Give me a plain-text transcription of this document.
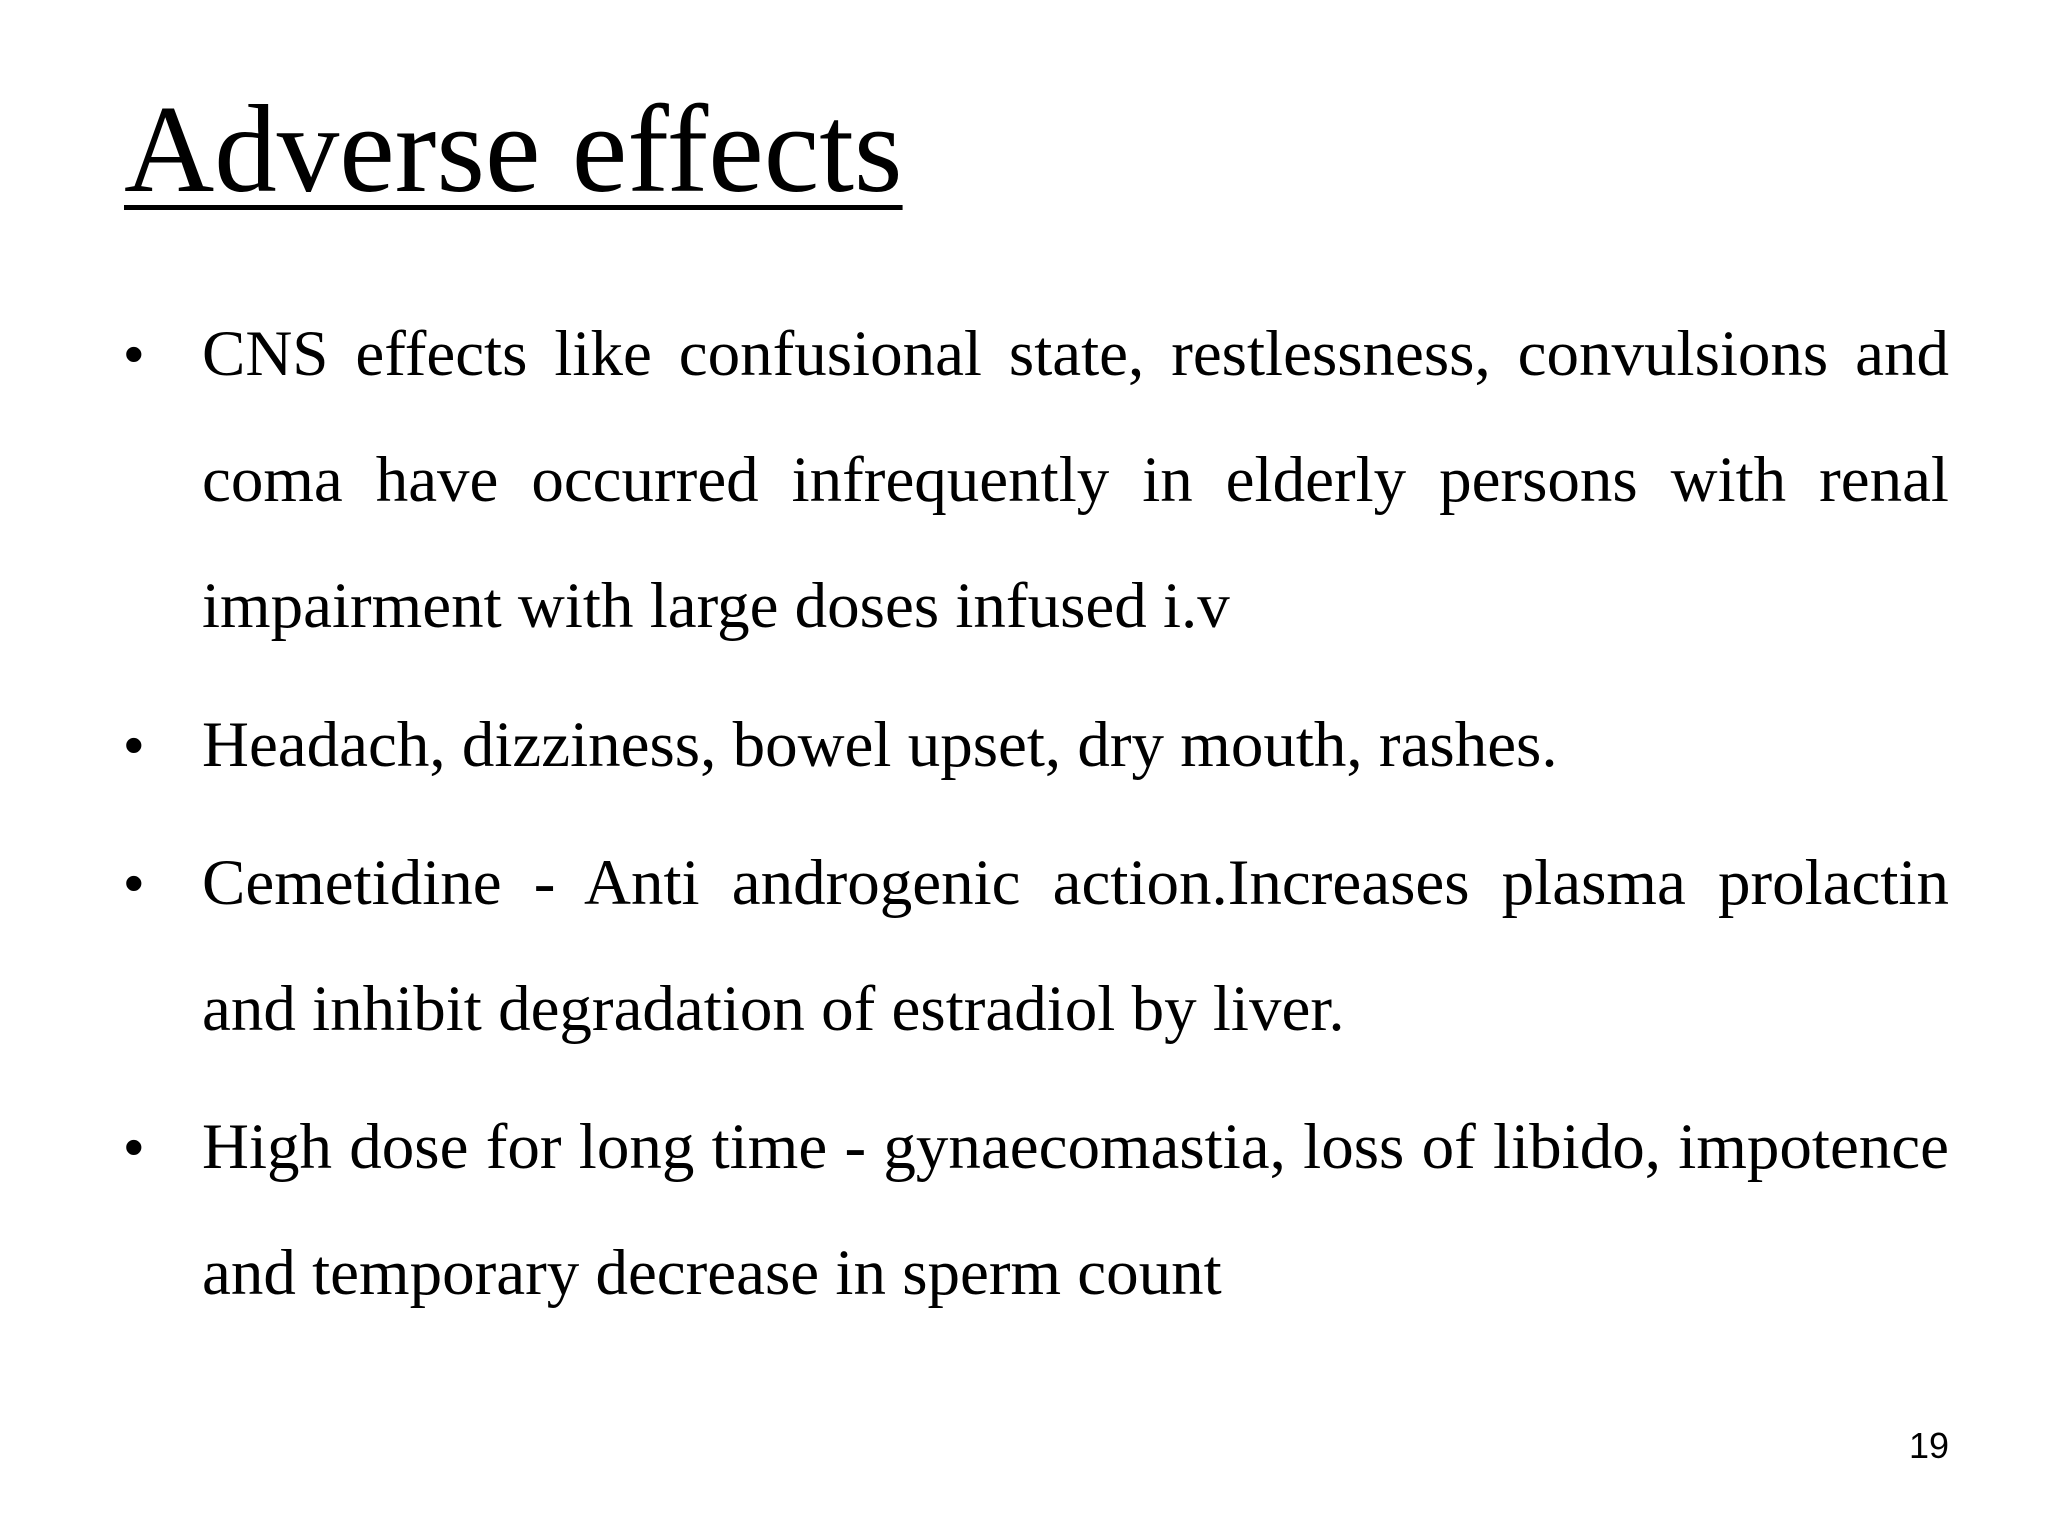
Adverse effects
• CNS effects like confusional state, restlessness, convulsions and coma have occurred infrequently in elderly persons with renal impairment with large doses infused i.v
• Headach, dizziness, bowel upset, dry mouth, rashes.
• Cemetidine - Anti androgenic action.Increases plasma prolactin and inhibit degradation of estradiol by liver.
• High dose for long time - gynaecomastia, loss of libido, impotence and temporary decrease in sperm count
19
